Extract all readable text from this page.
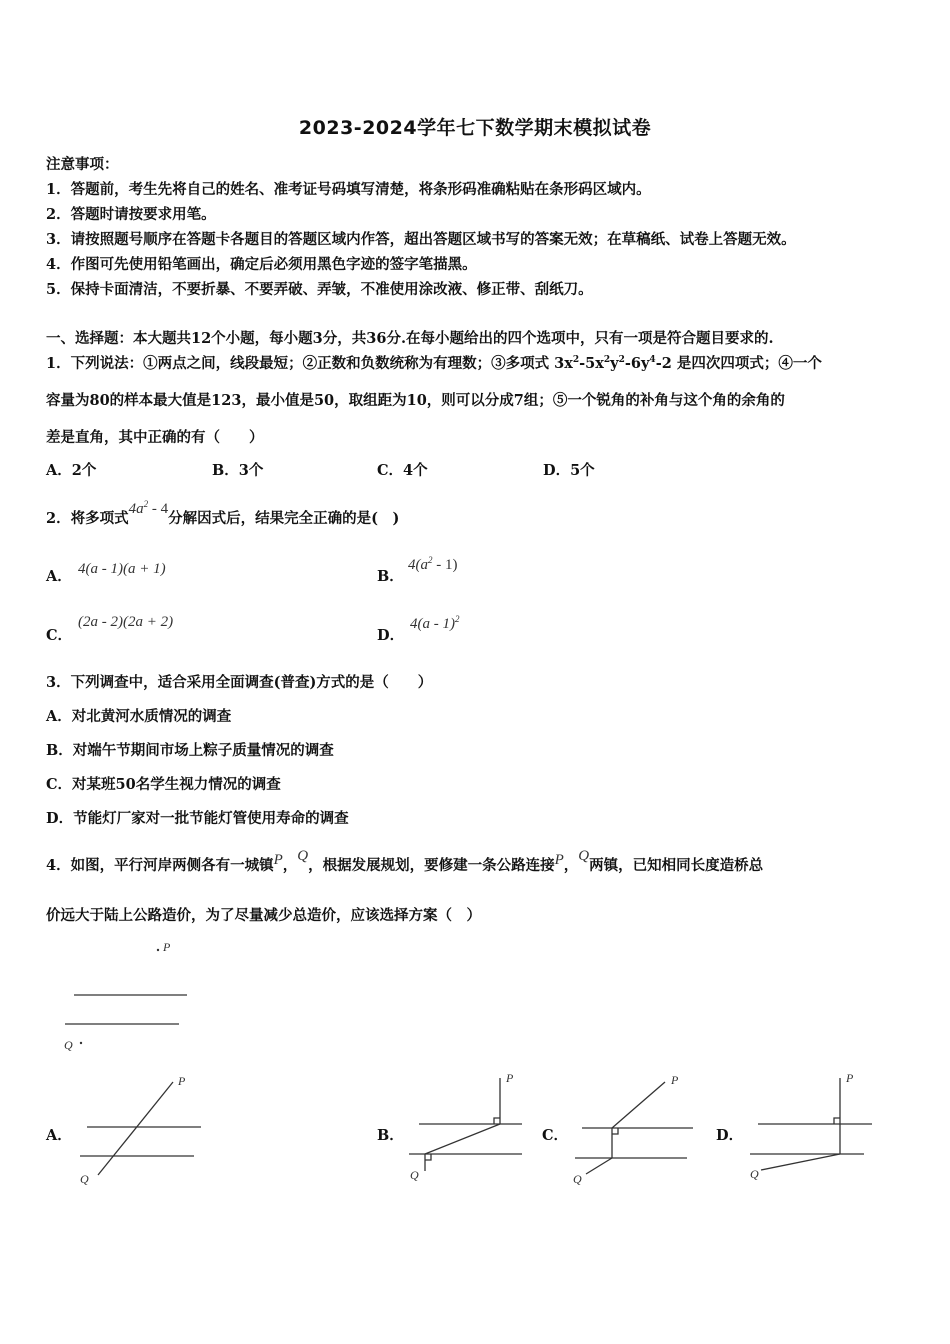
2023-2024学年七下数学期末模拟试卷
注意事项：
1．答题前，考生先将自己的姓名、准考证号码填写清楚，将条形码准确粘贴在条形码区域内。
2．答题时请按要求用笔。
3．请按照题号顺序在答题卡各题目的答题区域内作答，超出答题区域书写的答案无效；在草稿纸、试卷上答题无效。
4．作图可先使用铅笔画出，确定后必须用黑色字迹的签字笔描黑。
5．保持卡面清洁，不要折暴、不要弄破、弄皱，不准使用涂改液、修正带、刮纸刀。
一、选择题：本大题共12个小题，每小题3分，共36分.在每小题给出的四个选项中，只有一项是符合题目要求的.
1．下列说法：①两点之间，线段最短；②正数和负数统称为有理数；③多项式 $3x^2-5x^2y^2-6y^4-2$ 是四次四项式；④一个
容量为80的样本最大值是123，最小值是50，取组距为10，则可以分成7组；⑤一个锐角的补角与这个角的余角的
差是直角，其中正确的有（　　）
A．2个	B．3个	C．4个	D．5个
2．将多项式$4a^2 - 4$分解因式后，结果完全正确的是(　)
A． 4(a - 1)(a + 1)	B．
$4(a^2 - 1)$
C．
(2a - 2)(2a + 2)
D．
4(a - 1)$^2$
3．下列调查中，适合采用全面调查(普查)方式的是（　　）
A．对北黄河水质情况的调查
B．对端午节期间市场上粽子质量情况的调查
C．对某班50名学生视力情况的调查
D．节能灯厂家对一批节能灯管使用寿命的调查
4．如图，平行河岸两侧各有一城镇P，Q，根据发展规划，要修建一条公路连接P，Q两镇，已知相同长度造桥总
价远大于陆上公路造价，为了尽量减少总造价，应该选择方案（　）
P
Q
A．
P
Q
B．
P
Q
C．
P
Q
D．
P
Q
